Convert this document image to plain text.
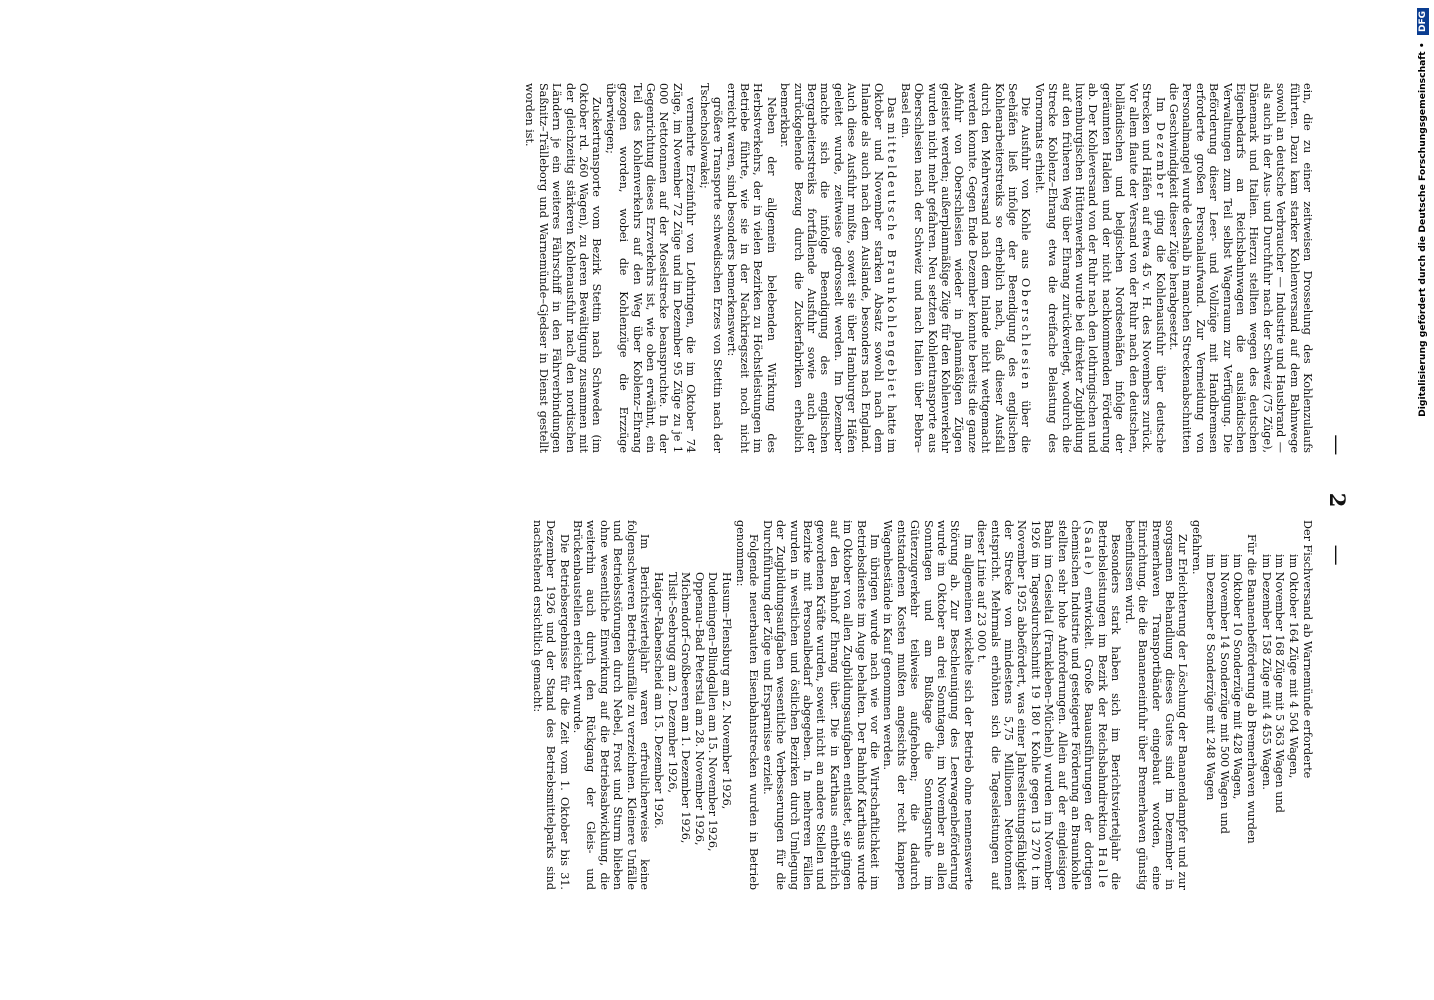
— 2 —

ein, die zu einer zeitweisen Drosselung des Kohlenzulaufs führten. Dazu kam starker Kohlenversand auf dem Bahnwege sowohl an deutsche Verbraucher — Industrie und Hausbrand — als auch in der Aus- und Durchfuhr nach der Schweiz (75 Züge), Dänemark und Italien. Hierzu stellten wegen des deutschen Eigenbedarfs an Reichsbahnwagen die ausländischen Verwaltungen zum Teil selbst Wagenraum zur Verfügung. Die Beförderung dieser Leer- und Vollzüge mit Handbremsen erforderte großen Personalaufwand. Zur Vermeidung von Personalmangel wurde deshalb in manchen Streckenabschnitten die Geschwindigkeit dieser Züge herabgesetzt.

Im Dezember ging die Kohlenausfuhr über deutsche Strecken und Häfen auf etwa 45 v. H. des Novembers zurück. Vor allem flaute der Versand von der Ruhr nach den deutschen, holländischen und belgischen Nordseehäfen infolge der geräumten Halden und der nicht nachkommenden Förderung ab. Der Kohleversand von der Ruhr nach den lothringischen und luxemburgischen Hüttenwerken wurde bei direkter Zugbildung auf den früheren Weg über Ehrang zurückverlegt, wodurch die Strecke Koblenz–Ehrang etwa die dreifache Belastung des Vornormats erhielt.

Die Ausfuhr von Kohle aus Oberschlesien über die Seehäfen ließ infolge der Beendigung des englischen Kohlenarbeiterstreiks so erheblich nach, daß dieser Ausfall durch den Mehrversand nach dem Inlande nicht wettgemacht werden konnte. Gegen Ende Dezember konnte bereits die ganze Abfuhr von Oberschlesien wieder in planmäßigen Zügen geleistet werden; außerplanmäßige Züge für den Kohlenverkehr wurden nicht mehr gefahren. Neu setzten Kohlentransporte aus Oberschlesien nach der Schweiz und nach Italien über Bebra–Basel ein.

Das mitteldeutsche Braunkohlengebiet hatte im Oktober und November starken Absatz sowohl nach dem Inlande als auch nach dem Auslande, besonders nach England. Auch diese Ausfuhr mußte, soweit sie über Hamburger Häfen geleitet wurde, zeitweise gedrosselt werden. Im Dezember machte sich die infolge Beendigung des englischen Bergarbeiterstreiks fortfallende Ausfuhr sowie auch der zurückgehende Bezug durch die Zuckerfabriken erheblich bemerkbar.

Neben der allgemein belebenden Wirkung des Herbstverkehrs, der in vielen Bezirken zu Höchstleistungen im Betriebe führte, wie sie in der Nachkriegszeit noch nicht erreicht waren, sind besonders bemerkenswert:

größere Transporte schwedischen Erzes von Stettin nach der Tschechoslowakei;

vermehrte Erzeinfuhr von Lothringen, die im Oktober 74 Züge, im November 72 Züge und im Dezember 95 Züge zu je 1 000 Nettotonnen auf der Moselstrecke beanspruchte. In der Gegenrichtung dieses Erzverkehrs ist, wie oben erwähnt, ein Teil des Kohlenverkehrs auf den Weg über Koblenz–Ehrang gezogen worden, wobei die Kohlenzüge die Erzzüge überwiegen;

Zuckertransporte vom Bezirk Stettin nach Schweden (im Oktober rd. 260 Wagen), zu deren Bewältigung zusammen mit der gleichzeitig stärkeren Kohlenausfuhr nach den nordischen Ländern je ein weiteres Fährschiff in den Fährverbindungen Saßnitz–Trälleborg und Warnemünde–Gjedser in Dienst gestellt worden ist.

Der Fischversand ab Warnemünde erforderte

im Oktober 164 Züge mit 4 504 Wagen,
im November 168 Züge mit 5 363 Wagen und
im Dezember 158 Züge mit 4 455 Wagen.

Für die Bananenbeförderung ab Bremerhaven wurden

im Oktober 10 Sonderzüge mit 428 Wagen,
im November 14 Sonderzüge mit 500 Wagen und
im Dezember 8 Sonderzüge mit 248 Wagen

gefahren.

Zur Erleichterung der Löschung der Bananendampfer und zur sorgsamen Behandlung dieses Gutes sind im Dezember in Bremerhaven Transportbänder eingebaut worden, eine Einrichtung, die die Bananeneinfuhr über Bremerhaven günstig beeinflussen wird.

Besonders stark haben sich im Berichtsvierteljahr die Betriebsleistungen im Bezirk der Reichsbahndirektion Halle (Saale) entwickelt. Große Bauausführungen der dortigen chemischen Industrie und gesteigerte Förderung an Braunkohle stellten sehr hohe Anforderungen. Allein auf der eingleisigen Bahn im Geiseltal (Frankleben–Mücheln) wurden im November 1926 im Tagesdurchschnitt 19 180 t Kohle gegen 13 270 t im November 1925 abbefördert, was einer Jahresleistungsfähigkeit der Strecke von mindestens 5,75 Millionen Nettotonnen entspricht. Mehrmals erhöhten sich die Tagesleistungen auf dieser Linie auf 23 000 t.

Im allgemeinen wickelte sich der Betrieb ohne nennenswerte Störung ab. Zur Beschleunigung des Leerwagenbeförderung wurde im Oktober an drei Sonntagen, im November an allen Sonntagen und am Bußtage die Sonntagsruhe im Güterzugverkehr teilweise aufgehoben; die dadurch entstandenen Kosten mußten angesichts der recht knappen Wagenbestände in Kauf genommen werden.

Im übrigen wurde nach wie vor die Wirtschaftlichkeit im Betriebsdienste im Auge behalten. Der Bahnhof Karthaus wurde im Oktober von allen Zugbildungsaufgaben entlastet, sie gingen auf den Bahnhof Ehrang über. Die in Karthaus entbehrlich gewordenen Kräfte wurden, soweit nicht an andere Stellen und Bezirke mit Personalbedarf abgegeben. In mehreren Fällen wurden in westlichen und östlichen Bezirken durch Umlegung der Zugbildungsaufgaben wesentliche Verbesserungen für die Durchführung der Züge und Ersparnisse erzielt.

Folgende neuerbauten Eisenbahnstrecken wurden in Betrieb genommen:

Husum–Flensburg am 2. November 1926,
Dudeningen–Blindgallen am 15. November 1926,
Oppenau–Bad Peterstal am 28. November 1926,
Michendorf–Großbeeren am 1. Dezember 1926,
Tilsit–Seebrugg am 2. Dezember 1926,
Haiger–Rabenscheid am 15. Dezember 1926.

Im Berichtsvierteljahr waren erfreulicherweise keine folgenschweren Betriebsunfälle zu verzeichnen. Kleinere Unfälle und Betriebsstörungen durch Nebel, Frost und Sturm blieben ohne wesentliche Einwirkung auf die Betriebsabwicklung, die weiterhin auch durch den Rückgang der Gleis- und Brückenbaustellen erleichtert wurde.

Die Betriebsergebnisse für die Zeit vom 1. Oktober bis 31. Dezember 1926 und der Stand des Betriebsmittelparks sind nachstehend ersichtlich gemacht:

Digitalisierung gefördert durch die Deutsche Forschungsgemeinschaft • DFG
